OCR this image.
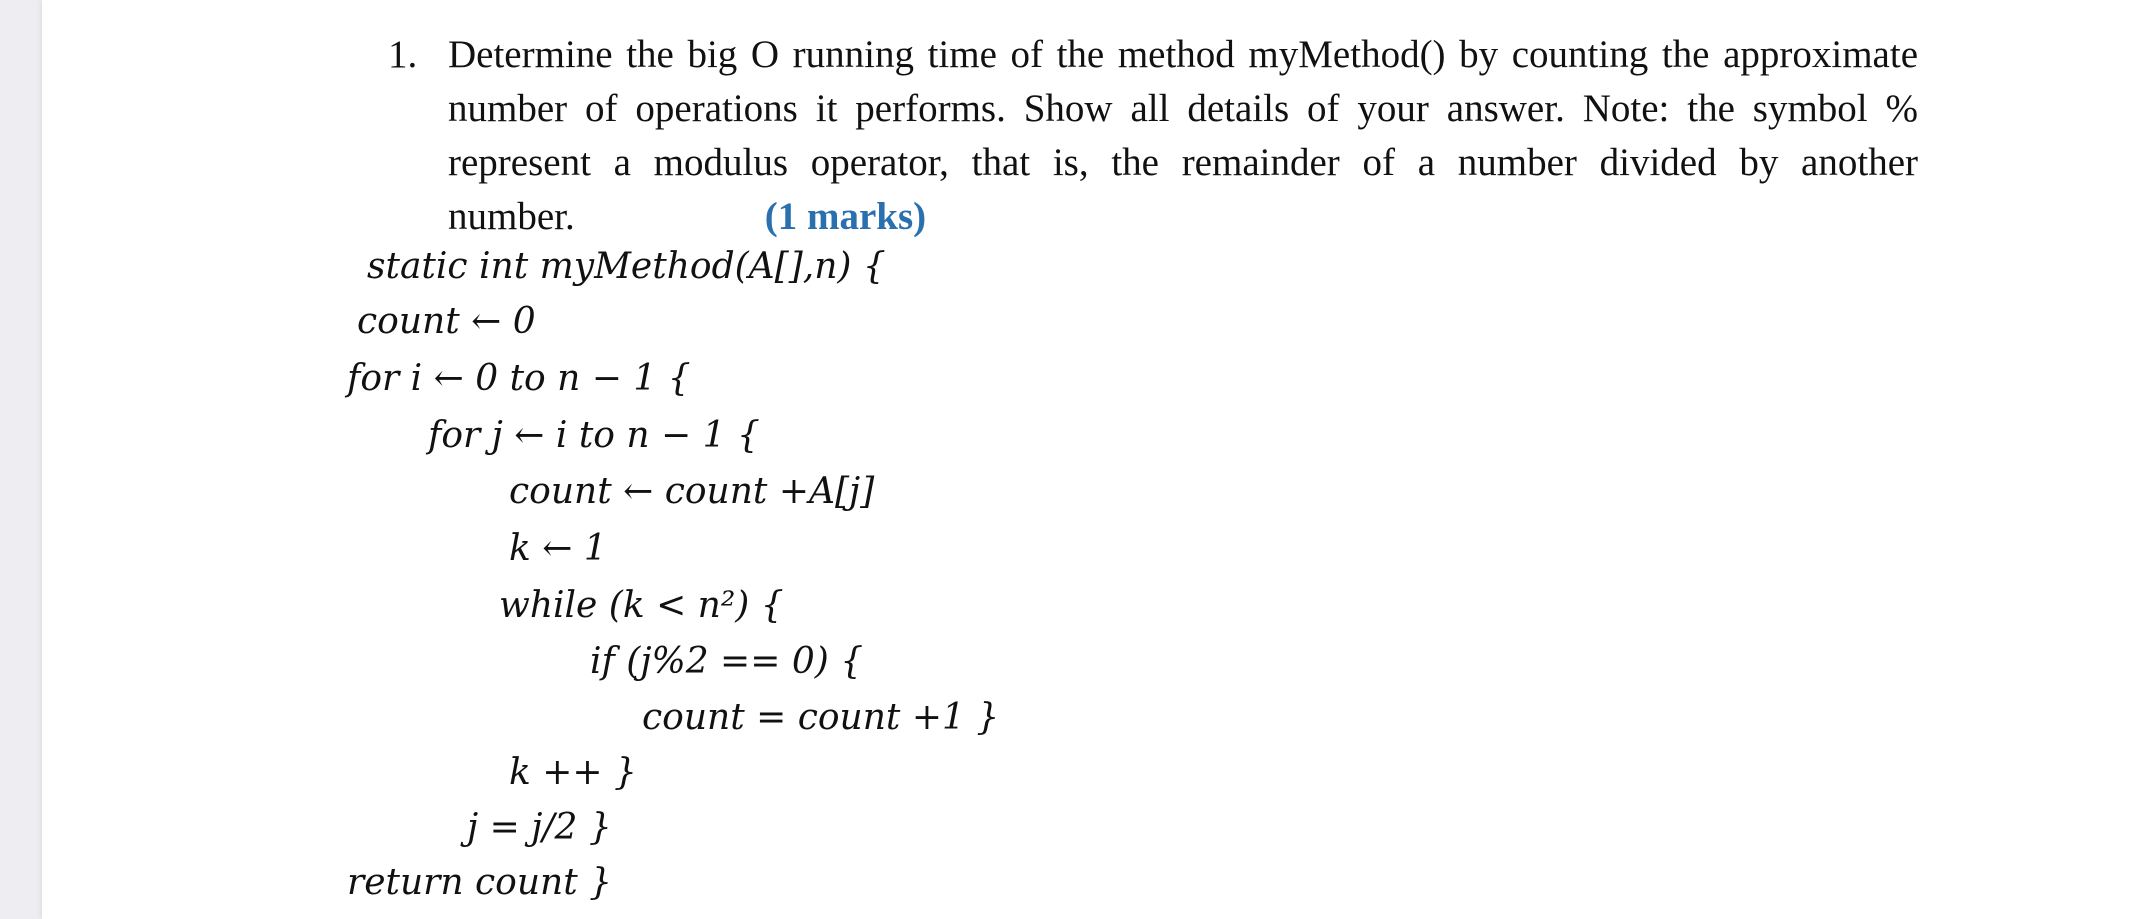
1. Determine the big O running time of the method myMethod() by counting the approximate
number of operations it performs. Show all details of your answer. Note: the symbol %
represent a modulus operator, that is, the remainder of a number divided by another
number.	(1 marks)
static int myMethod(A[],n) {
count ← 0
for i ← 0 to n − 1 {
for j ← i to n − 1 {
count ← count +A[j]
k ← 1
while (k < n²) {
if (j%2 == 0) {
count = count +1 }
k ++ }
j = j/2 }
return count }
